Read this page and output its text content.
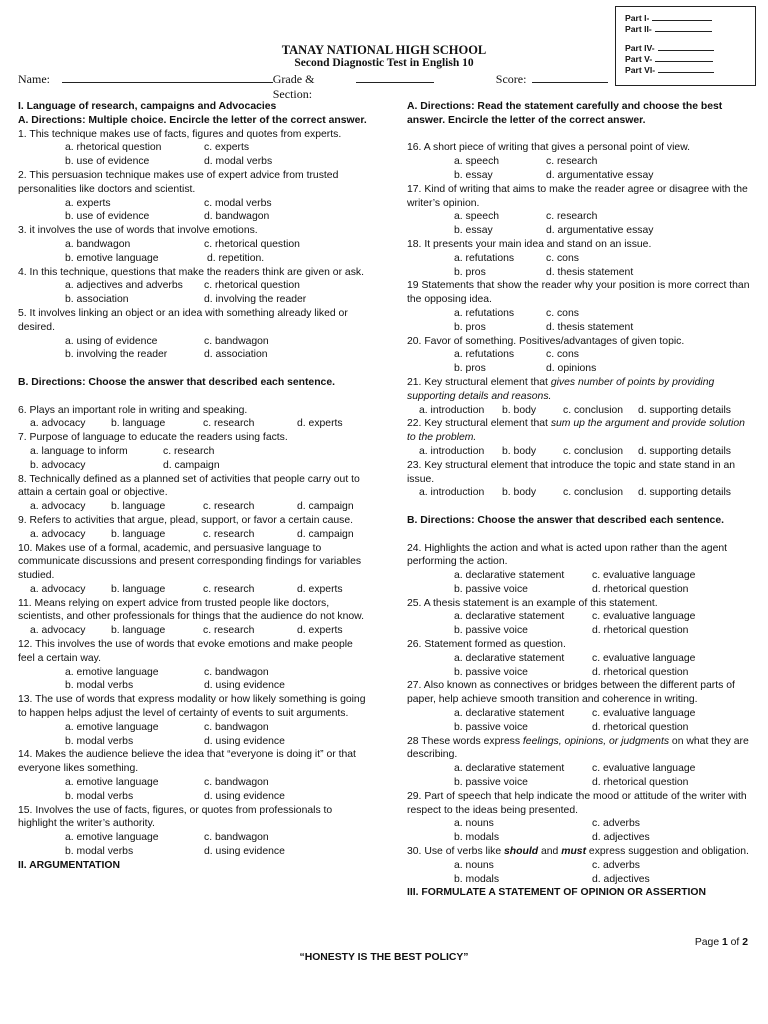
Part I-
Part II-
Part IV-
Part V-
Part VI-
TANAY NATIONAL HIGH SCHOOL
Second Diagnostic Test in English 10
Name:	Grade & Section:
Score:
I. Language of research, campaigns and Advocacies
A. Directions: Multiple choice. Encircle the letter of the correct answer.
1. This technique makes use of facts, figures and quotes from experts.
a. rhetorical question	c. experts
b. use of evidence	d. modal verbs
2. This persuasion technique makes use of expert advice from trusted personalities like doctors and scientist.
a. experts	c. modal verbs
b. use of evidence	d. bandwagon
3. it involves the use of words that involve emotions.
a. bandwagon	c. rhetorical question
b. emotive language	d. repetition.
4. In this technique, questions that make the readers think are given or ask.
a. adjectives and adverbs	c. rhetorical question
b. association	d. involving the reader
5. It involves linking an object or an idea with something already liked or desired.
a. using of evidence	c. bandwagon
b. involving the reader	d. association
B. Directions: Choose the answer that described each sentence.
6. Plays an important role in writing and speaking.
a. advocacy	b. language	c. research	d. experts
7. Purpose of language to educate the readers using facts.
a. language to inform	c. research
b. advocacy	d. campaign
8. Technically defined as a planned set of activities that people carry out to attain a certain goal or objective.
a. advocacy	b. language	c. research	d. campaign
9. Refers to activities that argue, plead, support, or favor a certain cause.
a. advocacy	b. language	c. research	d. campaign
10. Makes use of a formal, academic, and persuasive language to communicate discussions and present corresponding findings for variables studied.
a. advocacy	b. language	c. research	d. experts
11. Means relying on expert advice from trusted people like doctors, scientists, and other professionals for things that the audience do not know.
a. advocacy	b. language	c. research	d. experts
12. This involves the use of words that evoke emotions and make people feel a certain way.
a. emotive language	c. bandwagon
b. modal verbs	d. using evidence
13. The use of words that express modality or how likely something is going to happen helps adjust the level of certainty of events to suit arguments.
a. emotive language	c. bandwagon
b. modal verbs	d. using evidence
14. Makes the audience believe the idea that “everyone is doing it” or that everyone likes something.
a. emotive language	c. bandwagon
b. modal verbs	d. using evidence
15. Involves the use of facts, figures, or quotes from professionals to highlight the writer’s authority.
a. emotive language	c. bandwagon
b. modal verbs	d. using evidence
II. ARGUMENTATION
A. Directions: Read the statement carefully and choose the best answer. Encircle the letter of the correct answer.
16. A short piece of writing that gives a personal point of view.
a. speech	c. research
b. essay	d. argumentative essay
17. Kind of writing that aims to make the reader agree or disagree with the writer’s opinion.
a. speech	c. research
b. essay	d. argumentative essay
18. It presents your main idea and stand on an issue.
a. refutations	c. cons
b. pros	d. thesis statement
19 Statements that show the reader why your position is more correct than the opposing idea.
a. refutations	c. cons
b. pros	d. thesis statement
20. Favor of something. Positives/advantages of given topic.
a. refutations	c. cons
b. pros	d. opinions
21. Key structural element that gives number of points by providing supporting details and reasons.
a. introduction	b. body	c. conclusion	d. supporting details
22. Key structural element that sum up the argument and provide solution to the problem.
a. introduction	b. body	c. conclusion	d. supporting details
23. Key structural element that introduce the topic and state stand in an issue.
a. introduction	b. body	c. conclusion	d. supporting details
B. Directions: Choose the answer that described each sentence.
24. Highlights the action and what is acted upon rather than the agent performing the action.
a. declarative statement	c. evaluative language
b. passive voice	d. rhetorical question
25. A thesis statement is an example of this statement.
a. declarative statement	c. evaluative language
b. passive voice	d. rhetorical question
26. Statement formed as question.
a. declarative statement	c. evaluative language
b. passive voice	d. rhetorical question
27. Also known as connectives or bridges between the different parts of paper, help achieve smooth transition and coherence in writing.
a. declarative statement	c. evaluative language
b. passive voice	d. rhetorical question
28 These words express feelings, opinions, or judgments on what they are describing.
a. declarative statement	c. evaluative language
b. passive voice	d. rhetorical question
29. Part of speech that help indicate the mood or attitude of the writer with respect to the ideas being presented.
a. nouns	c. adverbs
b. modals	d. adjectives
30. Use of verbs like should and must express suggestion and obligation.
a. nouns	c. adverbs
b. modals	d. adjectives
III. FORMULATE A STATEMENT OF OPINION OR ASSERTION
Page 1 of 2
“HONESTY IS THE BEST POLICY”
